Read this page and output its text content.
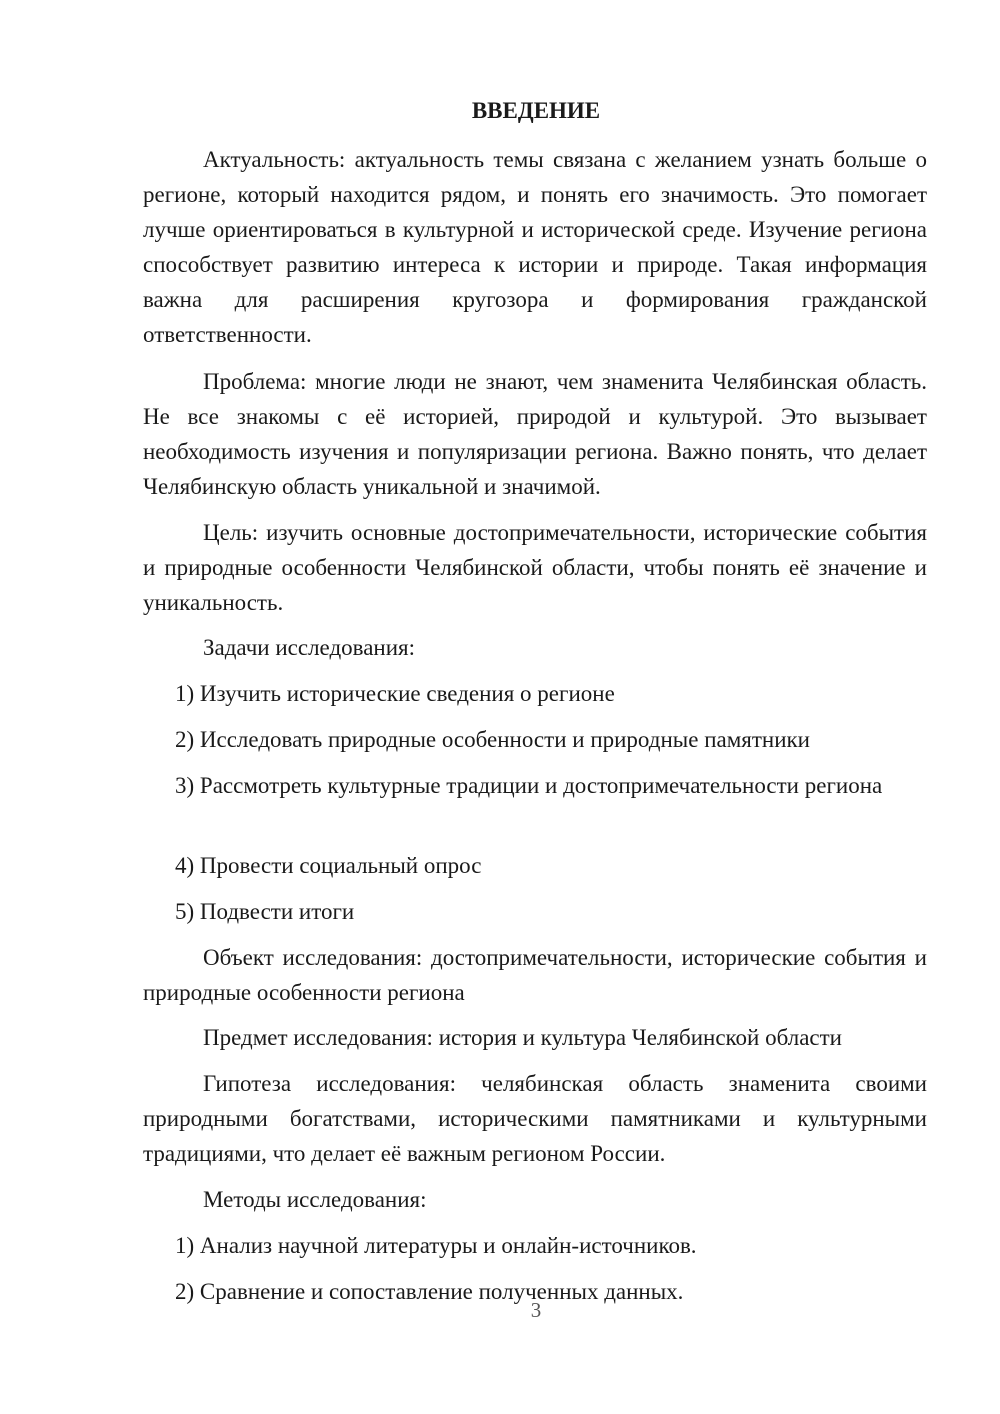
ВВЕДЕНИЕ

Актуальность: актуальность темы связана с желанием узнать больше о регионе, который находится рядом, и понять его значимость. Это помогает лучше ориентироваться в культурной и исторической среде. Изучение региона способствует развитию интереса к истории и природе. Такая информация важна для расширения кругозора и формирования гражданской ответственности.

Проблема: многие люди не знают, чем знаменита Челябинская область. Не все знакомы с её историей, природой и культурой. Это вызывает необходимость изучения и популяризации региона. Важно понять, что делает Челябинскую область уникальной и значимой.

Цель: изучить основные достопримечательности, исторические события и природные особенности Челябинской области, чтобы понять её значение и уникальность.

Задачи исследования:

1) Изучить исторические сведения о регионе

2) Исследовать природные особенности и природные памятники

3) Рассмотреть культурные традиции и достопримечательности региона

4) Провести социальный опрос

5) Подвести итоги

Объект исследования: достопримечательности, исторические события и природные особенности региона

Предмет исследования: история и культура Челябинской области

Гипотеза исследования: челябинская область знаменита своими природными богатствами, историческими памятниками и культурными традициями, что делает её важным регионом России.

Методы исследования:

1) Анализ научной литературы и онлайн-источников.

2) Сравнение и сопоставление полученных данных.

3
